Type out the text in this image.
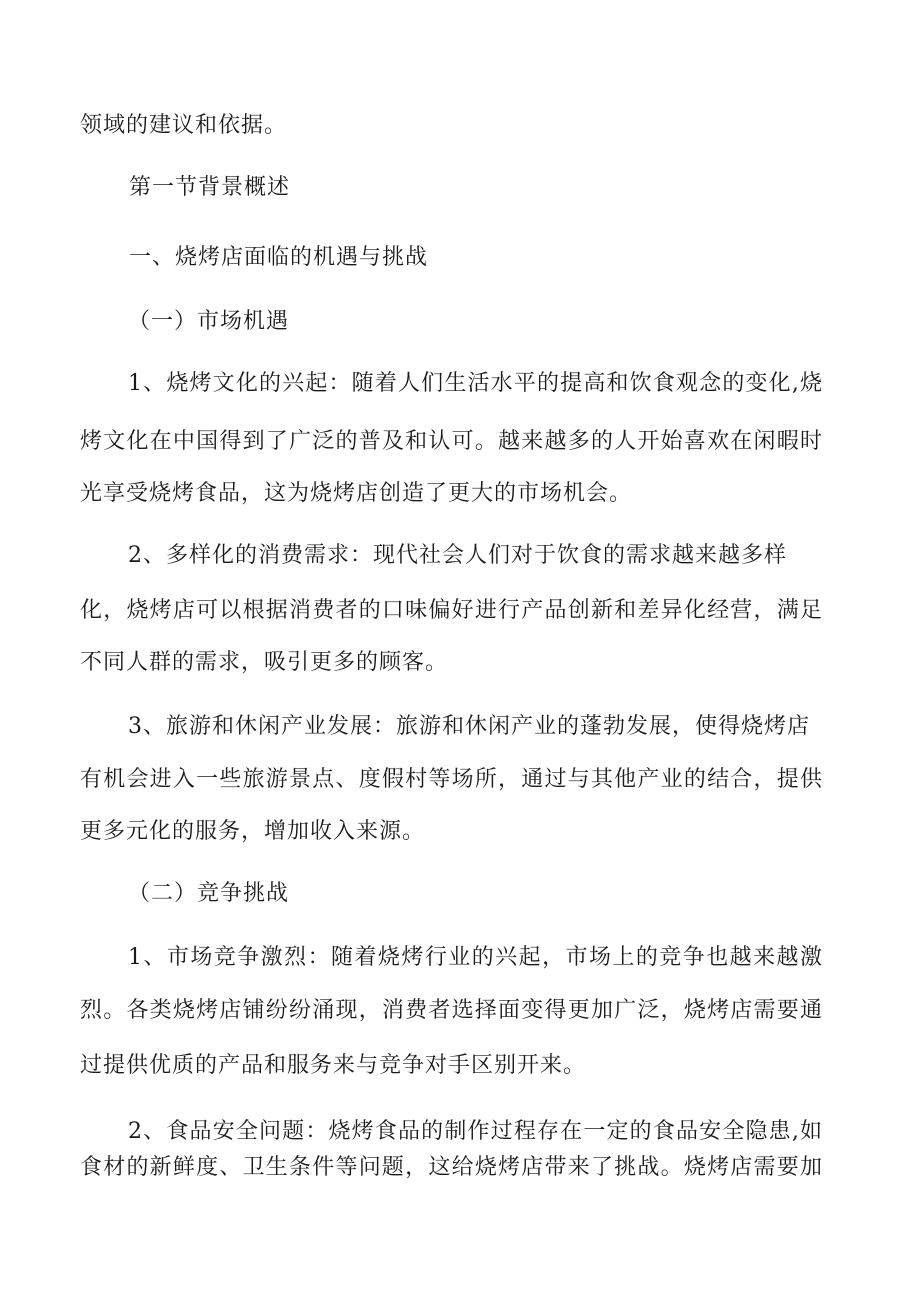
领域的建议和依据。
第一节背景概述
一、烧烤店面临的机遇与挑战
（一）市场机遇
1、烧烤文化的兴起：随着人们生活水平的提高和饮食观念的变化,烧
烤文化在中国得到了广泛的普及和认可。越来越多的人开始喜欢在闲暇时
光享受烧烤食品，这为烧烤店创造了更大的市场机会。
2、多样化的消费需求：现代社会人们对于饮食的需求越来越多样
化，烧烤店可以根据消费者的口味偏好进行产品创新和差异化经营，满足
不同人群的需求，吸引更多的顾客。
3、旅游和休闲产业发展：旅游和休闲产业的蓬勃发展，使得烧烤店
有机会进入一些旅游景点、度假村等场所，通过与其他产业的结合，提供
更多元化的服务，增加收入来源。
（二）竞争挑战
1、市场竞争激烈：随着烧烤行业的兴起，市场上的竞争也越来越激
烈。各类烧烤店铺纷纷涌现，消费者选择面变得更加广泛，烧烤店需要通
过提供优质的产品和服务来与竞争对手区别开来。
2、食品安全问题：烧烤食品的制作过程存在一定的食品安全隐患,如
食材的新鲜度、卫生条件等问题，这给烧烤店带来了挑战。烧烤店需要加
